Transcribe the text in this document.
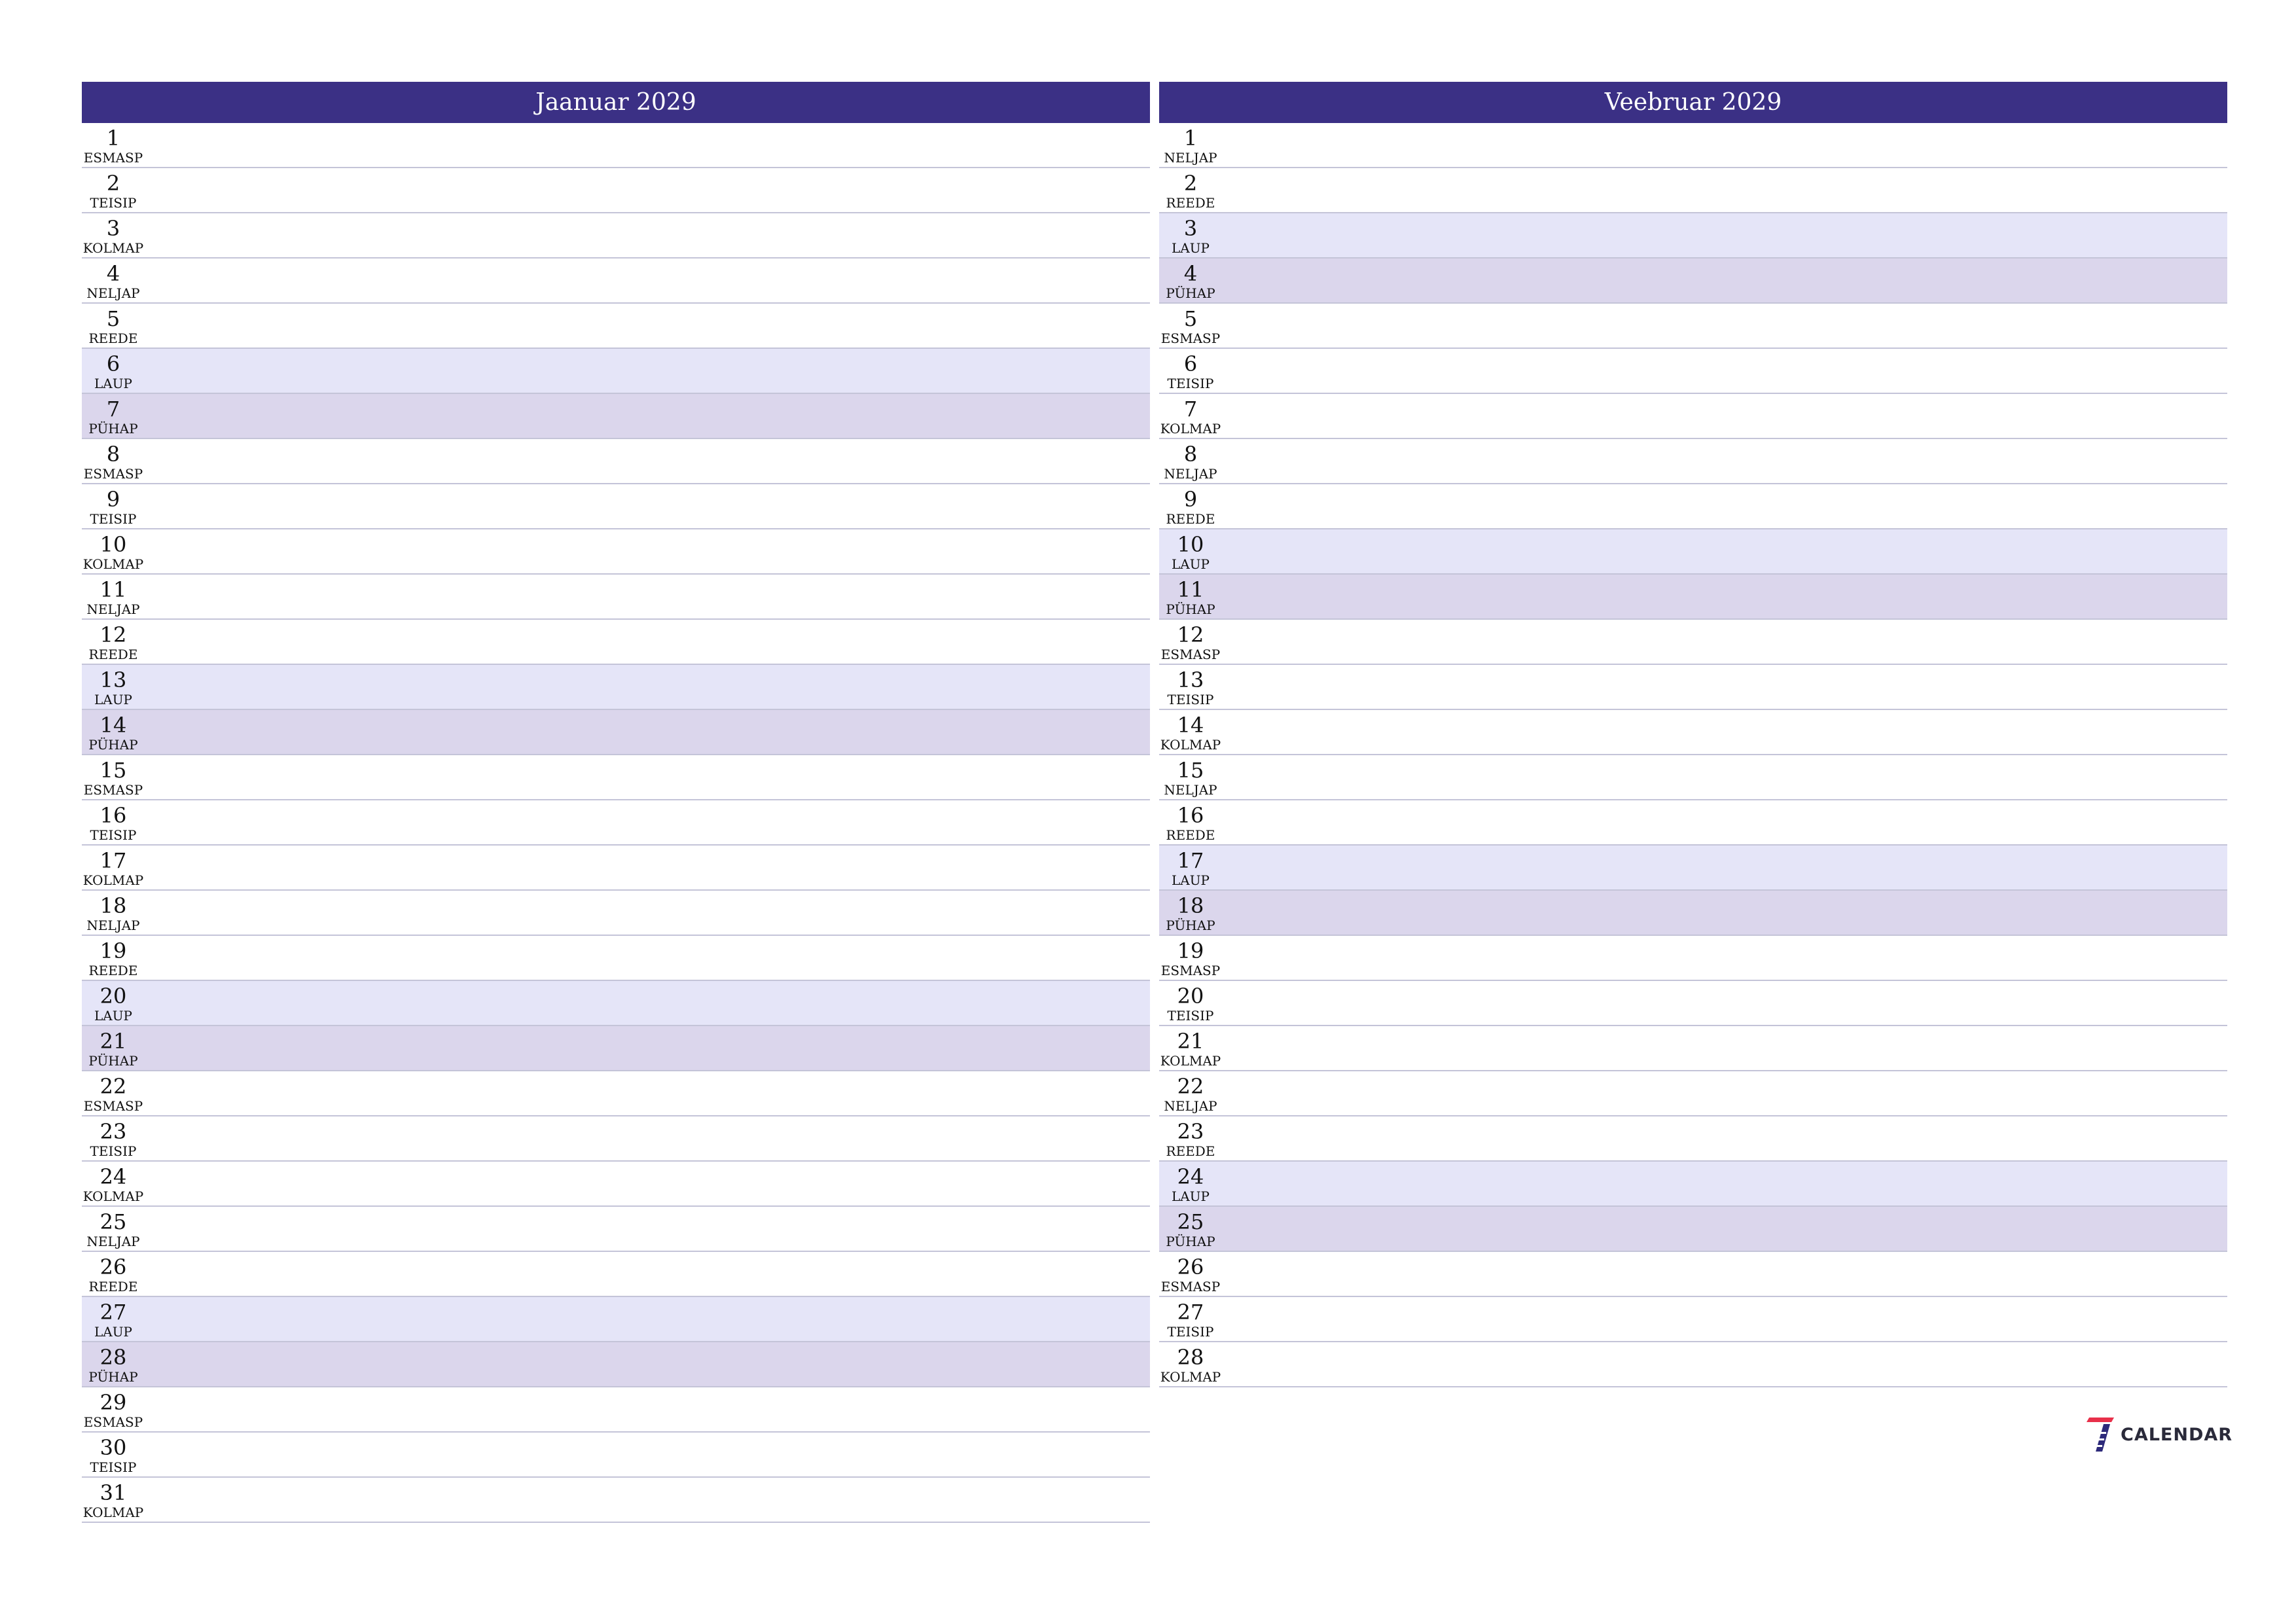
Jaanuar 2029
1
ESMASP
2
TEISIP
3
KOLMAP
4
NELJAP
5
REEDE
6
LAUP
7
PÜHAP
8
ESMASP
9
TEISIP
10
KOLMAP
11
NELJAP
12
REEDE
13
LAUP
14
PÜHAP
15
ESMASP
16
TEISIP
17
KOLMAP
18
NELJAP
19
REEDE
20
LAUP
21
PÜHAP
22
ESMASP
23
TEISIP
24
KOLMAP
25
NELJAP
26
REEDE
27
LAUP
28
PÜHAP
29
ESMASP
30
TEISIP
31
KOLMAP
Veebruar 2029
1
NELJAP
2
REEDE
3
LAUP
4
PÜHAP
5
ESMASP
6
TEISIP
7
KOLMAP
8
NELJAP
9
REEDE
10
LAUP
11
PÜHAP
12
ESMASP
13
TEISIP
14
KOLMAP
15
NELJAP
16
REEDE
17
LAUP
18
PÜHAP
19
ESMASP
20
TEISIP
21
KOLMAP
22
NELJAP
23
REEDE
24
LAUP
25
PÜHAP
26
ESMASP
27
TEISIP
28
KOLMAP
CALENDAR
